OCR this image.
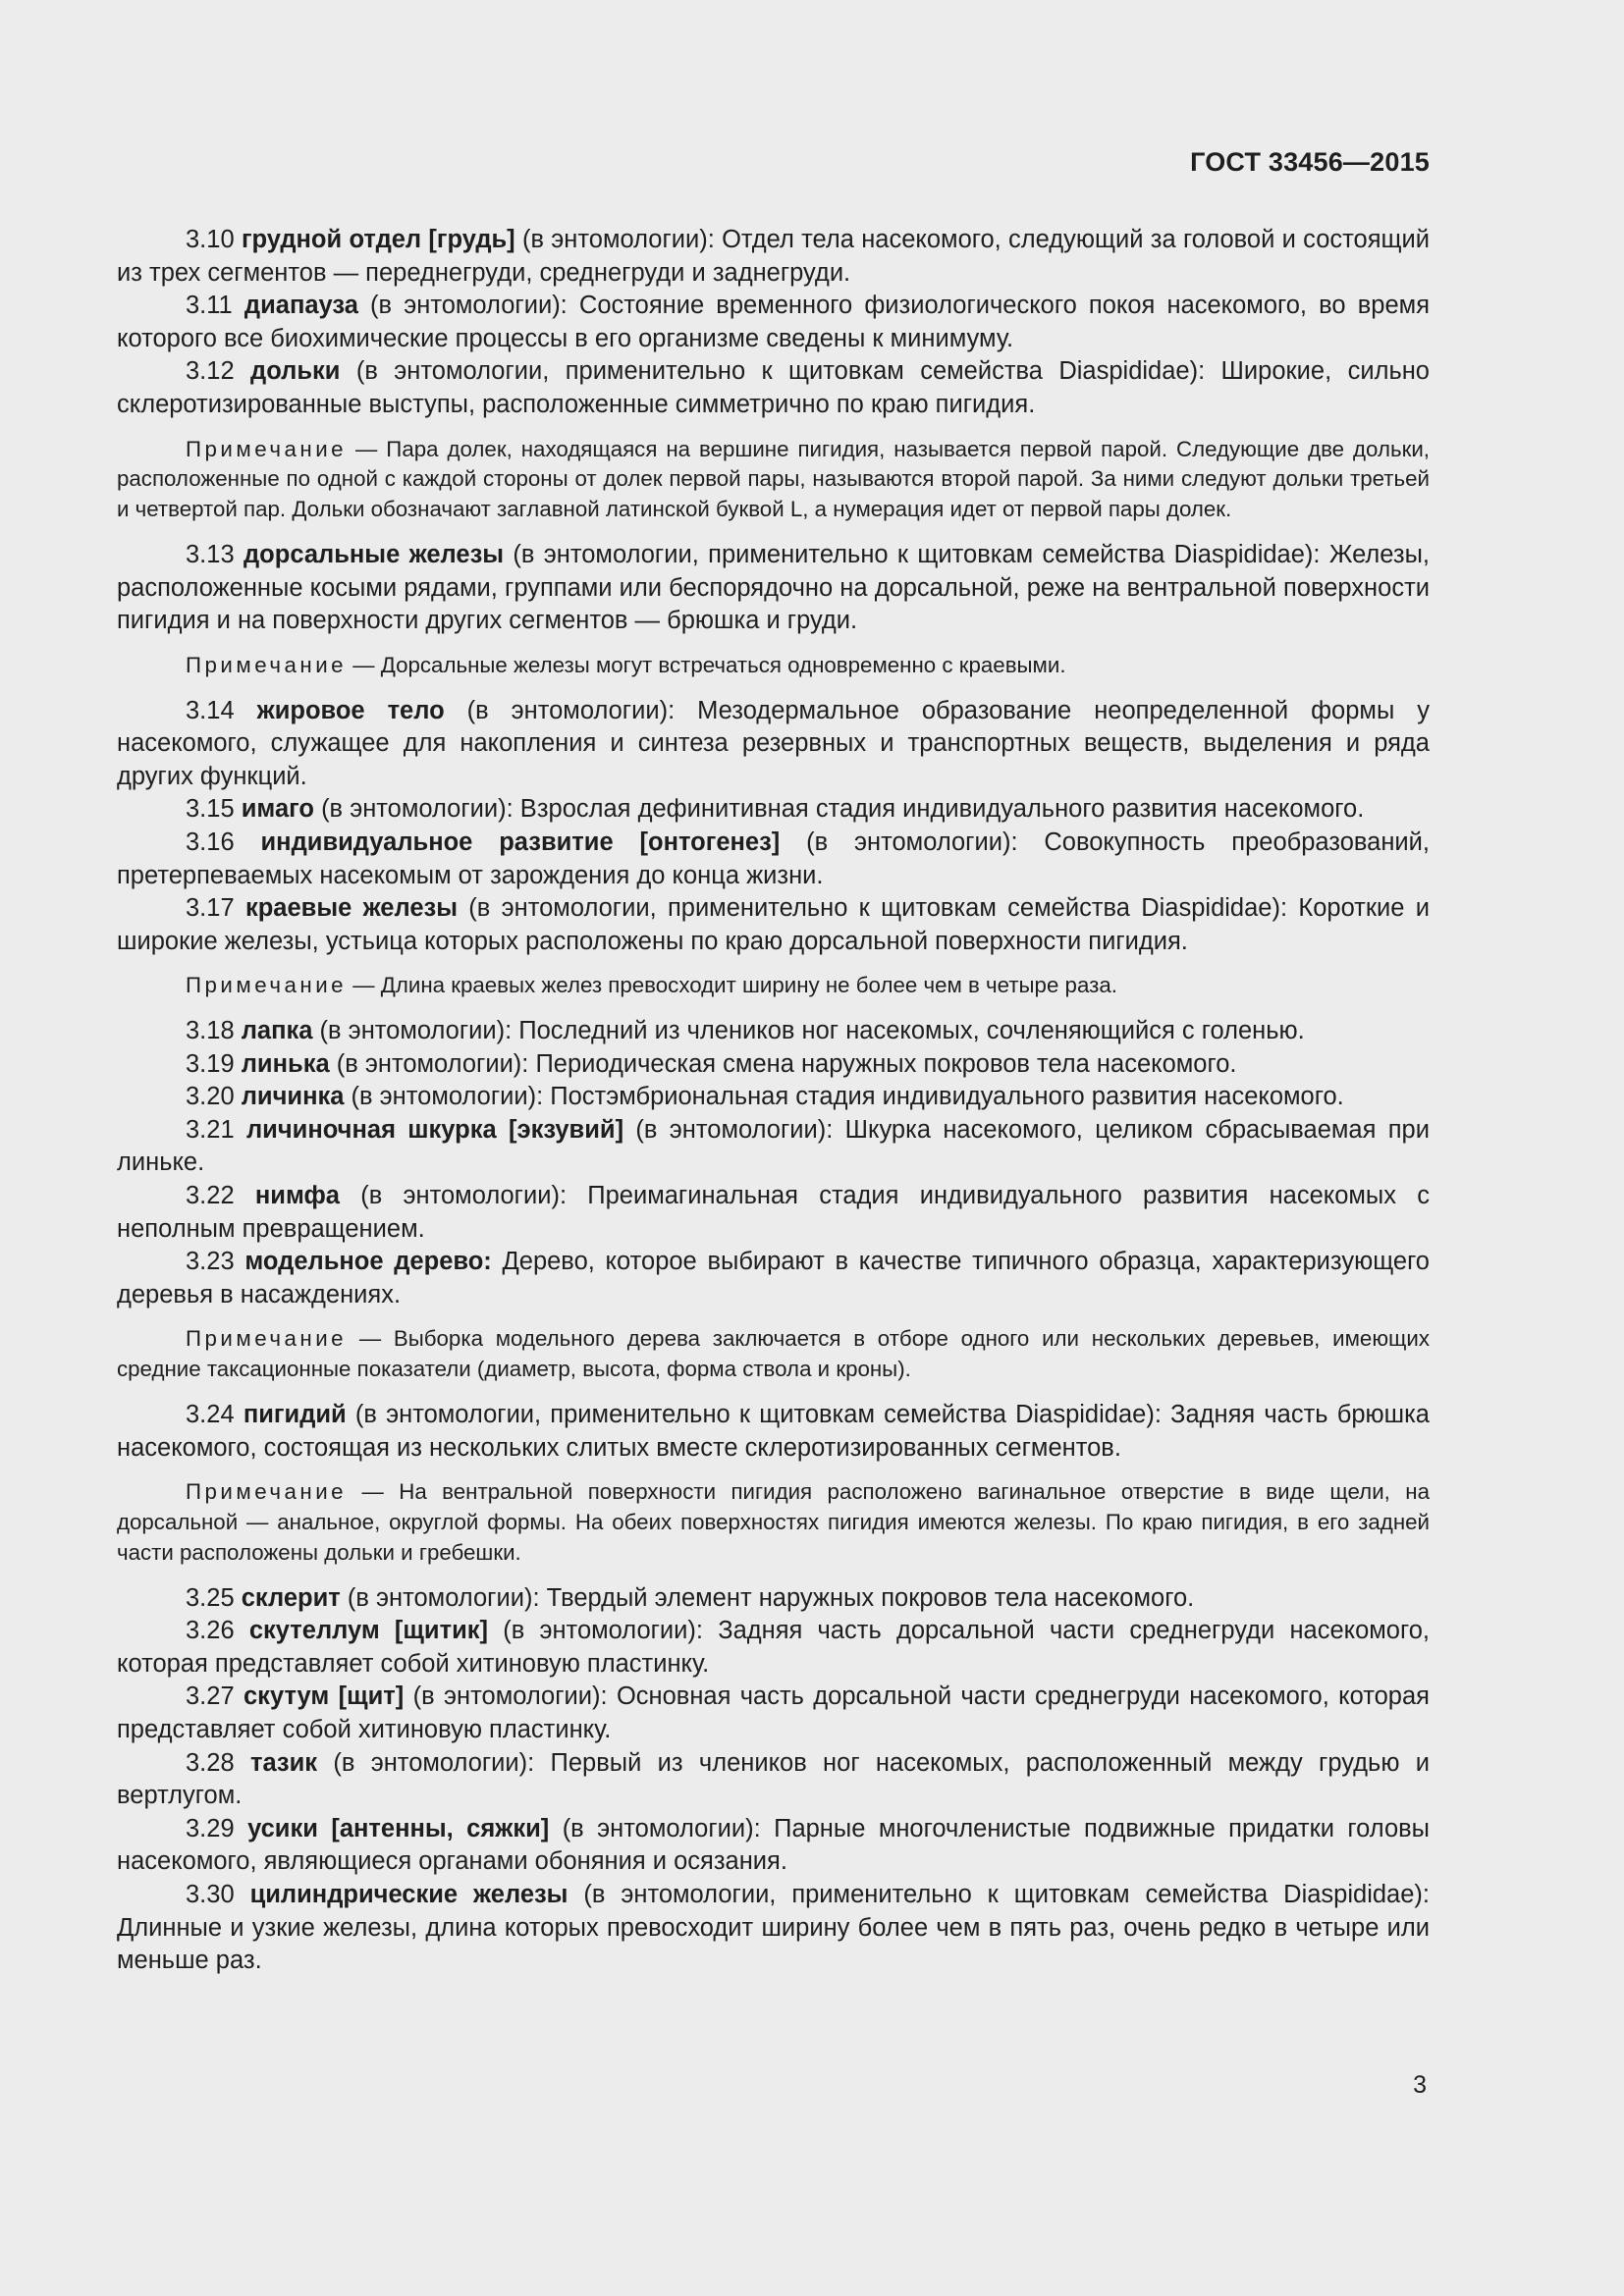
ГОСТ 33456—2015

3.10 грудной отдел [грудь] (в энтомологии): Отдел тела насекомого, следующий за головой и состоящий из трех сегментов — переднегруди, среднегруди и заднегруди.

3.11 диапауза (в энтомологии): Состояние временного физиологического покоя насекомого, во время которого все биохимические процессы в его организме сведены к минимуму.

3.12 дольки (в энтомологии, применительно к щитовкам семейства Diaspididae): Широкие, сильно склеротизированные выступы, расположенные симметрично по краю пигидия.

Примечание — Пара долек, находящаяся на вершине пигидия, называется первой парой. Следующие две дольки, расположенные по одной с каждой стороны от долек первой пары, называются второй парой. За ними следуют дольки третьей и четвертой пар. Дольки обозначают заглавной латинской буквой L, а нумерация идет от первой пары долек.

3.13 дорсальные железы (в энтомологии, применительно к щитовкам семейства Diaspididae): Железы, расположенные косыми рядами, группами или беспорядочно на дорсальной, реже на вентральной поверхности пигидия и на поверхности других сегментов — брюшка и груди.

Примечание — Дорсальные железы могут встречаться одновременно с краевыми.

3.14 жировое тело (в энтомологии): Мезодермальное образование неопределенной формы у насекомого, служащее для накопления и синтеза резервных и транспортных веществ, выделения и ряда других функций.

3.15 имаго (в энтомологии): Взрослая дефинитивная стадия индивидуального развития насекомого.

3.16 индивидуальное развитие [онтогенез] (в энтомологии): Совокупность преобразований, претерпеваемых насекомым от зарождения до конца жизни.

3.17 краевые железы (в энтомологии, применительно к щитовкам семейства Diaspididae): Короткие и широкие железы, устьица которых расположены по краю дорсальной поверхности пигидия.

Примечание — Длина краевых желез превосходит ширину не более чем в четыре раза.

3.18 лапка (в энтомологии): Последний из члеников ног насекомых, сочленяющийся с голенью.

3.19 линька (в энтомологии): Периодическая смена наружных покровов тела насекомого.

3.20 личинка (в энтомологии): Постэмбриональная стадия индивидуального развития насекомого.

3.21 личиночная шкурка [экзувий] (в энтомологии): Шкурка насекомого, целиком сбрасываемая при линьке.

3.22 нимфа (в энтомологии): Преимагинальная стадия индивидуального развития насекомых с неполным превращением.

3.23 модельное дерево: Дерево, которое выбирают в качестве типичного образца, характеризующего деревья в насаждениях.

Примечание — Выборка модельного дерева заключается в отборе одного или нескольких деревьев, имеющих средние таксационные показатели (диаметр, высота, форма ствола и кроны).

3.24 пигидий (в энтомологии, применительно к щитовкам семейства Diaspididae): Задняя часть брюшка насекомого, состоящая из нескольких слитых вместе склеротизированных сегментов.

Примечание — На вентральной поверхности пигидия расположено вагинальное отверстие в виде щели, на дорсальной — анальное, округлой формы. На обеих поверхностях пигидия имеются железы. По краю пигидия, в его задней части расположены дольки и гребешки.

3.25 склерит (в энтомологии): Твердый элемент наружных покровов тела насекомого.

3.26 скутеллум [щитик] (в энтомологии): Задняя часть дорсальной части среднегруди насекомого, которая представляет собой хитиновую пластинку.

3.27 скутум [щит] (в энтомологии): Основная часть дорсальной части среднегруди насекомого, которая представляет собой хитиновую пластинку.

3.28 тазик (в энтомологии): Первый из члеников ног насекомых, расположенный между грудью и вертлугом.

3.29 усики [антенны, сяжки] (в энтомологии): Парные многочленистые подвижные придатки головы насекомого, являющиеся органами обоняния и осязания.

3.30 цилиндрические железы (в энтомологии, применительно к щитовкам семейства Diaspididae): Длинные и узкие железы, длина которых превосходит ширину более чем в пять раз, очень редко в четыре или меньше раз.

3
